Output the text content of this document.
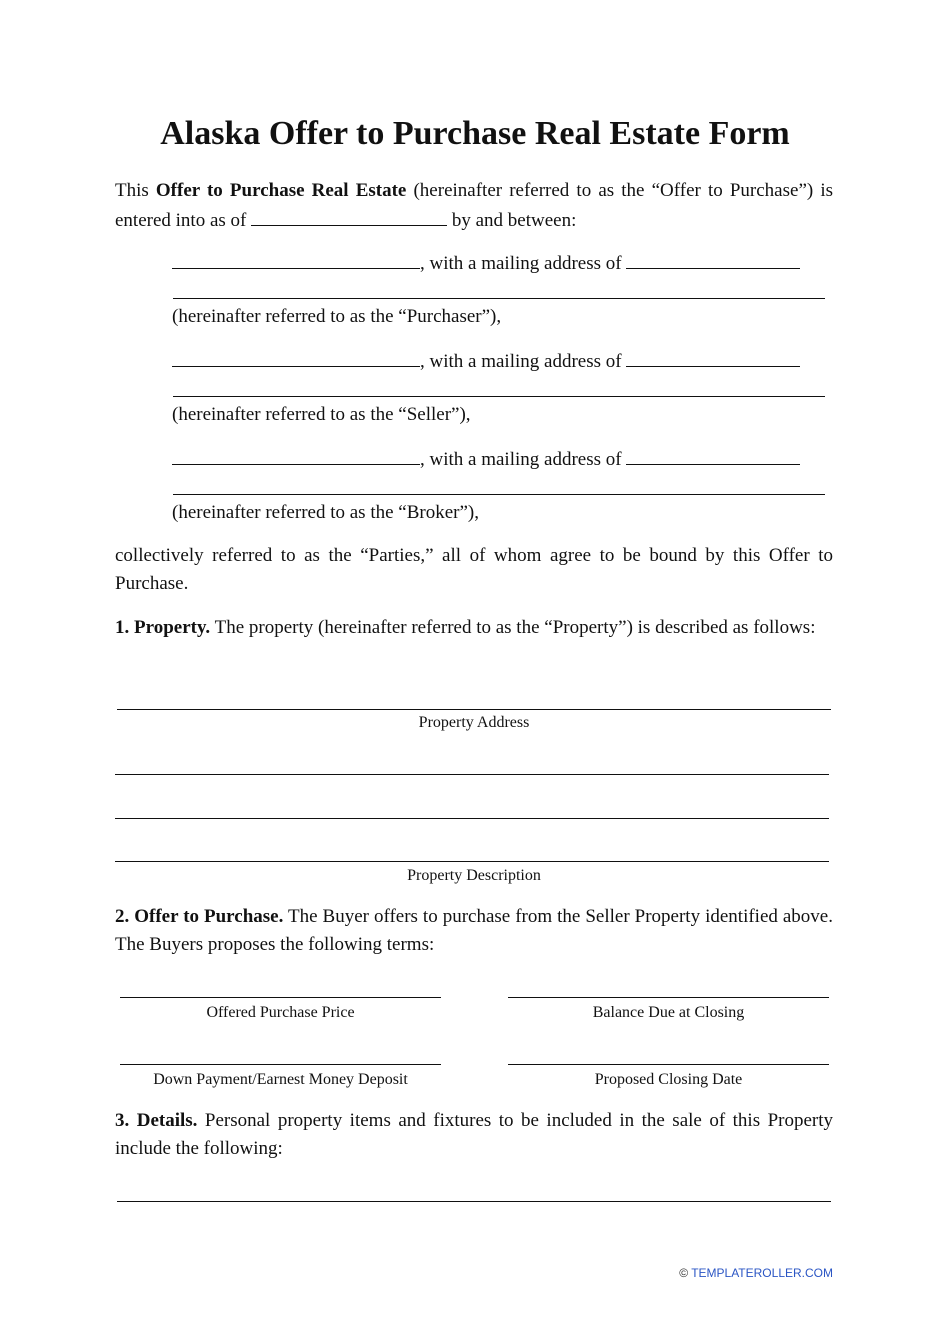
Alaska Offer to Purchase Real Estate Form

This Offer to Purchase Real Estate (hereinafter referred to as the “Offer to Purchase”) is entered into as of	by and between:

, with a mailing address of

(hereinafter referred to as the “Purchaser”),

, with a mailing address of

(hereinafter referred to as the “Seller”),

, with a mailing address of

(hereinafter referred to as the “Broker”),

collectively referred to as the “Parties,” all of whom agree to be bound by this Offer to Purchase.

1. Property. The property (hereinafter referred to as the “Property”) is described as follows:

Property Address
Property Description

2. Offer to Purchase. The Buyer offers to purchase from the Seller Property identified above. The Buyers proposes the following terms:

Offered Purchase Price	Balance Due at Closing
Down Payment/Earnest Money Deposit	Proposed Closing Date

3. Details. Personal property items and fixtures to be included in the sale of this Property include the following:

© TEMPLATEROLLER.COM
